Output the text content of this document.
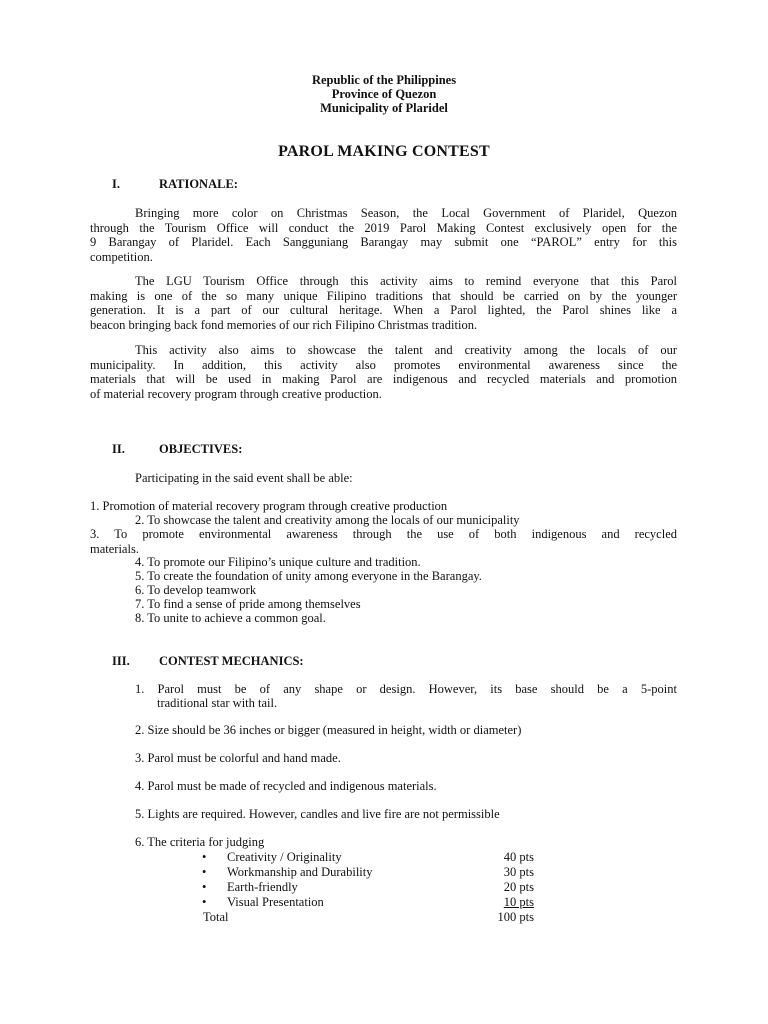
Republic of the Philippines
Province of Quezon
Municipality of Plaridel
PAROL MAKING CONTEST
I.	RATIONALE:
Bringing more color on Christmas Season, the Local Government of Plaridel, Quezon
through the Tourism Office will conduct the 2019 Parol Making Contest exclusively open for the
9 Barangay of Plaridel. Each Sangguniang Barangay may submit one “PAROL” entry for this
competition.
The LGU Tourism Office through this activity aims to remind everyone that this Parol
making is one of the so many unique Filipino traditions that should be carried on by the younger
generation. It is a part of our cultural heritage. When a Parol lighted, the Parol shines like a
beacon bringing back fond memories of our rich Filipino Christmas tradition.
This activity also aims to showcase the talent and creativity among the locals of our
municipality. In addition, this activity also promotes environmental awareness since the
materials that will be used in making Parol are indigenous and recycled materials and promotion
of material recovery program through creative production.
II.	OBJECTIVES:
Participating in the said event shall be able:
1. Promotion of material recovery program through creative production
2. To showcase the talent and creativity among the locals of our municipality
3. To promote environmental awareness through the use of both indigenous and recycled
materials.
4. To promote our Filipino’s unique culture and tradition.
5. To create the foundation of unity among everyone in the Barangay.
6. To develop teamwork
7. To find a sense of pride among themselves
8. To unite to achieve a common goal.
III. CONTEST MECHANICS:
1. Parol must be of any shape or design. However, its base should be a 5-point
traditional star with tail.
2. Size should be 36 inches or bigger (measured in height, width or diameter)
3. Parol must be colorful and hand made.
4. Parol must be made of recycled and indigenous materials.
5. Lights are required. However, candles and live fire are not permissible
6. The criteria for judging
• Creativity / Originality	40 pts
• Workmanship and Durability	30 pts
• Earth-friendly	20 pts
• Visual Presentation	10 pts
Total	100 pts
